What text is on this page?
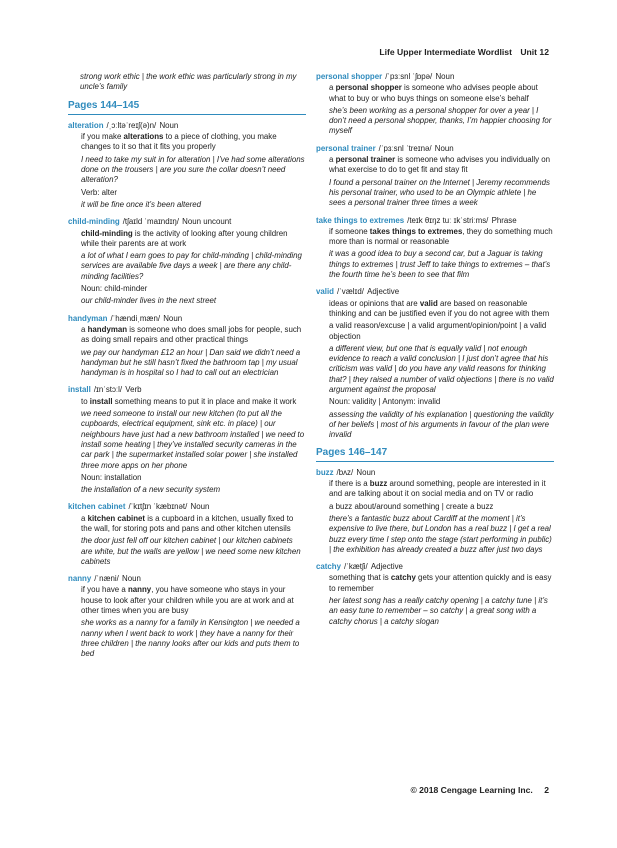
Life Upper Intermediate Wordlist Unit 12

strong work ethic | the work ethic was particularly strong in my uncle’s family

Pages 144–145

alteration /ˌɔːltəˈreɪʃ(ə)n/ Noun

if you make alterations to a piece of clothing, you make changes to it so that it fits you properly

I need to take my suit in for alteration | I’ve had some alterations done on the trousers | are you sure the collar doesn’t need alteration?

Verb: alter

it will be fine once it’s been altered

child-minding /tʃaɪld ˈmaɪndɪŋ/ Noun uncount

child-minding is the activity of looking after young children while their parents are at work

a lot of what I earn goes to pay for child-minding | child-minding services are available five days a week | are there any child-minding facilities?

Noun: child-minder

our child-minder lives in the next street

handyman /ˈhændiˌmæn/ Noun

a handyman is someone who does small jobs for people, such as doing small repairs and other practical things

we pay our handyman £12 an hour | Dan said we didn’t need a handyman but he still hasn’t fixed the bathroom tap | my usual handyman is in hospital so I had to call out an electrician

install /ɪnˈstɔːl/ Verb

to install something means to put it in place and make it work

we need someone to install our new kitchen (to put all the cupboards, electrical equipment, sink etc. in place) | our neighbours have just had a new bathroom installed | we need to install some heating | they’ve installed security cameras in the car park | the supermarket installed solar power | she installed three more apps on her phone

Noun: installation

the installation of a new security system

kitchen cabinet /ˈkɪtʃɪn ˈkæbɪnət/ Noun

a kitchen cabinet is a cupboard in a kitchen, usually fixed to the wall, for storing pots and pans and other kitchen utensils

the door just fell off our kitchen cabinet | our kitchen cabinets are white, but the walls are yellow | we need some new kitchen cabinets

nanny /ˈnæni/ Noun

if you have a nanny, you have someone who stays in your house to look after your children while you are at work and at other times when you are busy

she works as a nanny for a family in Kensington | we needed a nanny when I went back to work | they have a nanny for their three children | the nanny looks after our kids and puts them to bed

personal shopper /ˈpɜːsnl ˈʃɒpə/ Noun

a personal shopper is someone who advises people about what to buy or who buys things on someone else’s behalf

she’s been working as a personal shopper for over a year | I don’t need a personal shopper, thanks, I’m happier choosing for myself

personal trainer /ˈpɜːsnl ˈtreɪnə/ Noun

a personal trainer is someone who advises you individually on what exercise to do to get fit and stay fit

I found a personal trainer on the Internet | Jeremy recommends his personal trainer, who used to be an Olympic athlete | he sees a personal trainer three times a week

take things to extremes /teɪk θɪŋz tuː ɪkˈstriːms/ Phrase

if someone takes things to extremes, they do something much more than is normal or reasonable

it was a good idea to buy a second car, but a Jaguar is taking things to extremes | trust Jeff to take things to extremes – that’s the fourth time he’s been to see that film

valid /ˈvælɪd/ Adjective

ideas or opinions that are valid are based on reasonable thinking and can be justified even if you do not agree with them

a valid reason/excuse | a valid argument/opinion/point | a valid objection

a different view, but one that is equally valid | not enough evidence to reach a valid conclusion | I just don’t agree that his criticism was valid | do you have any valid reasons for thinking that? | they raised a number of valid objections | there is no valid argument against the proposal

Noun: validity | Antonym: invalid

assessing the validity of his explanation | questioning the validity of her beliefs | most of his arguments in favour of the plan were invalid

Pages 146–147

buzz /bʌz/ Noun

if there is a buzz around something, people are interested in it and are talking about it on social media and on TV or radio

a buzz about/around something | create a buzz

there’s a fantastic buzz about Cardiff at the moment | it’s expensive to live there, but London has a real buzz | I get a real buzz every time I step onto the stage (start performing in public) | the exhibition has already created a buzz after just two days

catchy /ˈkætʃi/ Adjective

something that is catchy gets your attention quickly and is easy to remember

her latest song has a really catchy opening | a catchy tune | it’s an easy tune to remember – so catchy | a great song with a catchy chorus | a catchy slogan

© 2018 Cengage Learning Inc. 2
